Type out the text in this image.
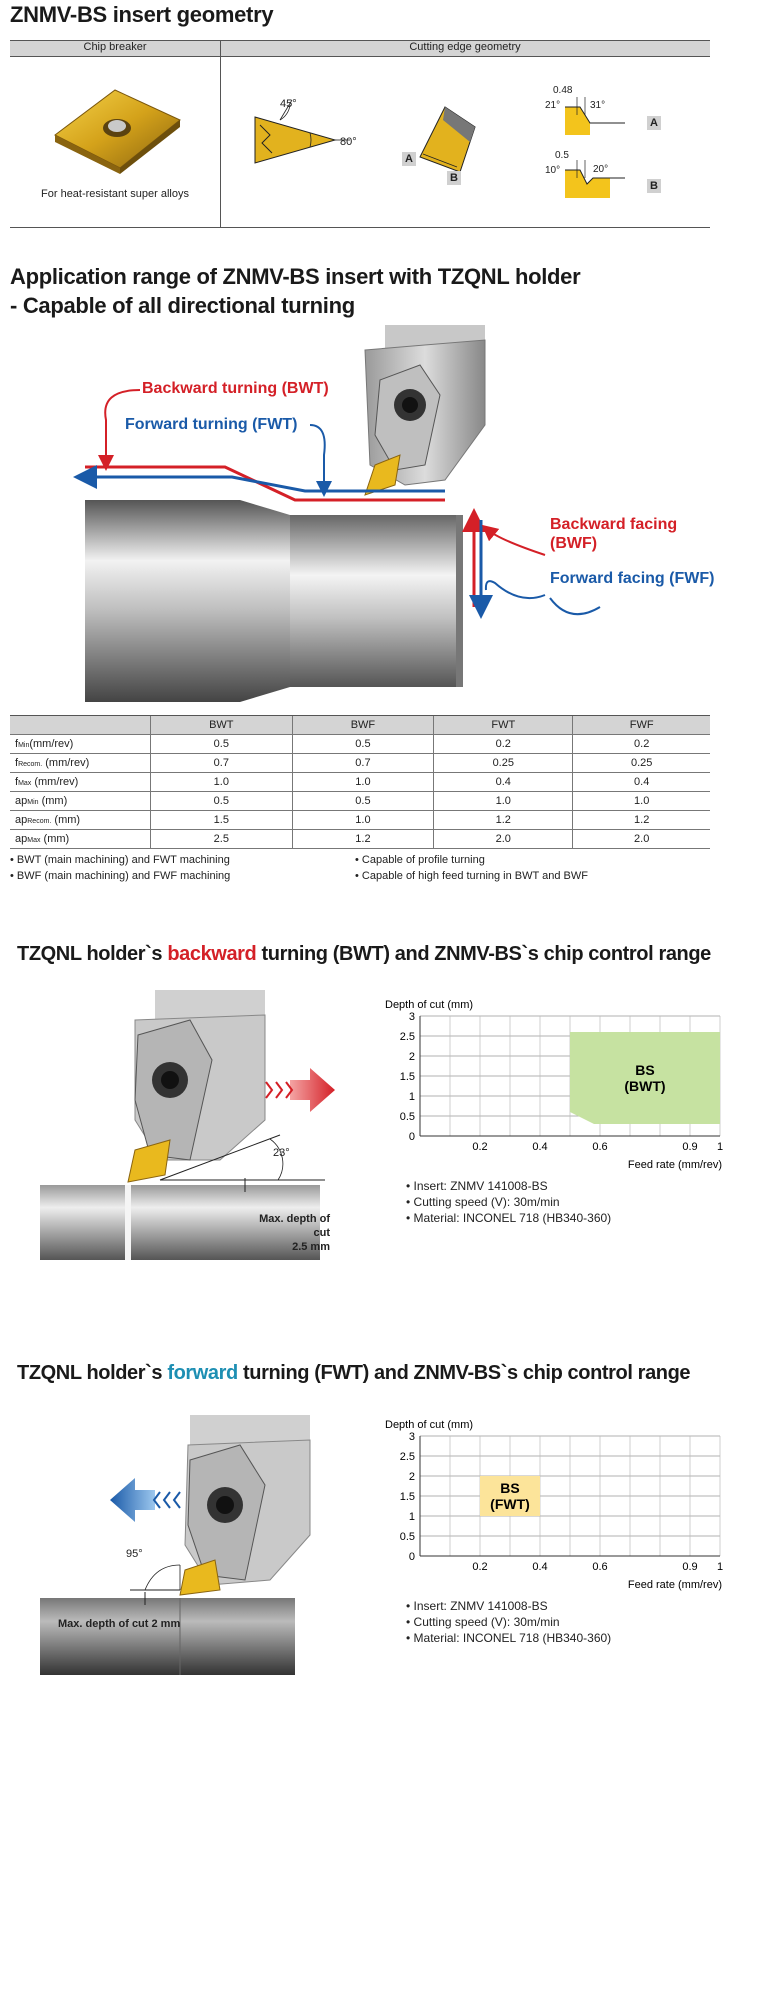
ZNMV-BS insert geometry
Chip breaker	Cutting edge geometry
For heat-resistant super alloys
45°
80°
A
B
0.48
21°	31°
A
0.5
10°	20°
B
Application range of ZNMV-BS insert with TZQNL holder
- Capable of all directional turning
Backward turning (BWT)
Forward turning (FWT)
Backward facing
(BWF)
Forward facing (FWF)
	BWT	BWF	FWT	FWF
fMin(mm/rev)	0.5	0.5	0.2	0.2
fRecom. (mm/rev)	0.7	0.7	0.25	0.25
fMax (mm/rev)	1.0	1.0	0.4	0.4
apMin (mm)	0.5	0.5	1.0	1.0
apRecom. (mm)	1.5	1.0	1.2	1.2
apMax (mm)	2.5	1.2	2.0	2.0
• BWT (main machining) and FWT machining
• BWF (main machining) and FWF machining
• Capable of profile turning
• Capable of high feed turning in BWT and BWF
TZQNL holder`s backward turning (BWT) and ZNMV-BS`s chip control range
23°
Max. depth of cut
2.5 mm
Depth of cut (mm)
BS
(BWT)
0
0.5
1
1.5
2
2.5
3
0.2	0.4	0.6	0.9 1
Feed rate (mm/rev)
• Insert: ZNMV 141008-BS
• Cutting speed (V): 30m/min
• Material: INCONEL 718 (HB340-360)
TZQNL holder`s forward turning (FWT) and ZNMV-BS`s chip control range
95°
Max. depth of cut 2 mm
Depth of cut (mm)
BS
(FWT)
0
0.5
1
1.5
2
2.5
3
0.2	0.4	0.6	0.9 1
Feed rate (mm/rev)
• Insert: ZNMV 141008-BS
• Cutting speed (V): 30m/min
• Material: INCONEL 718 (HB340-360)
